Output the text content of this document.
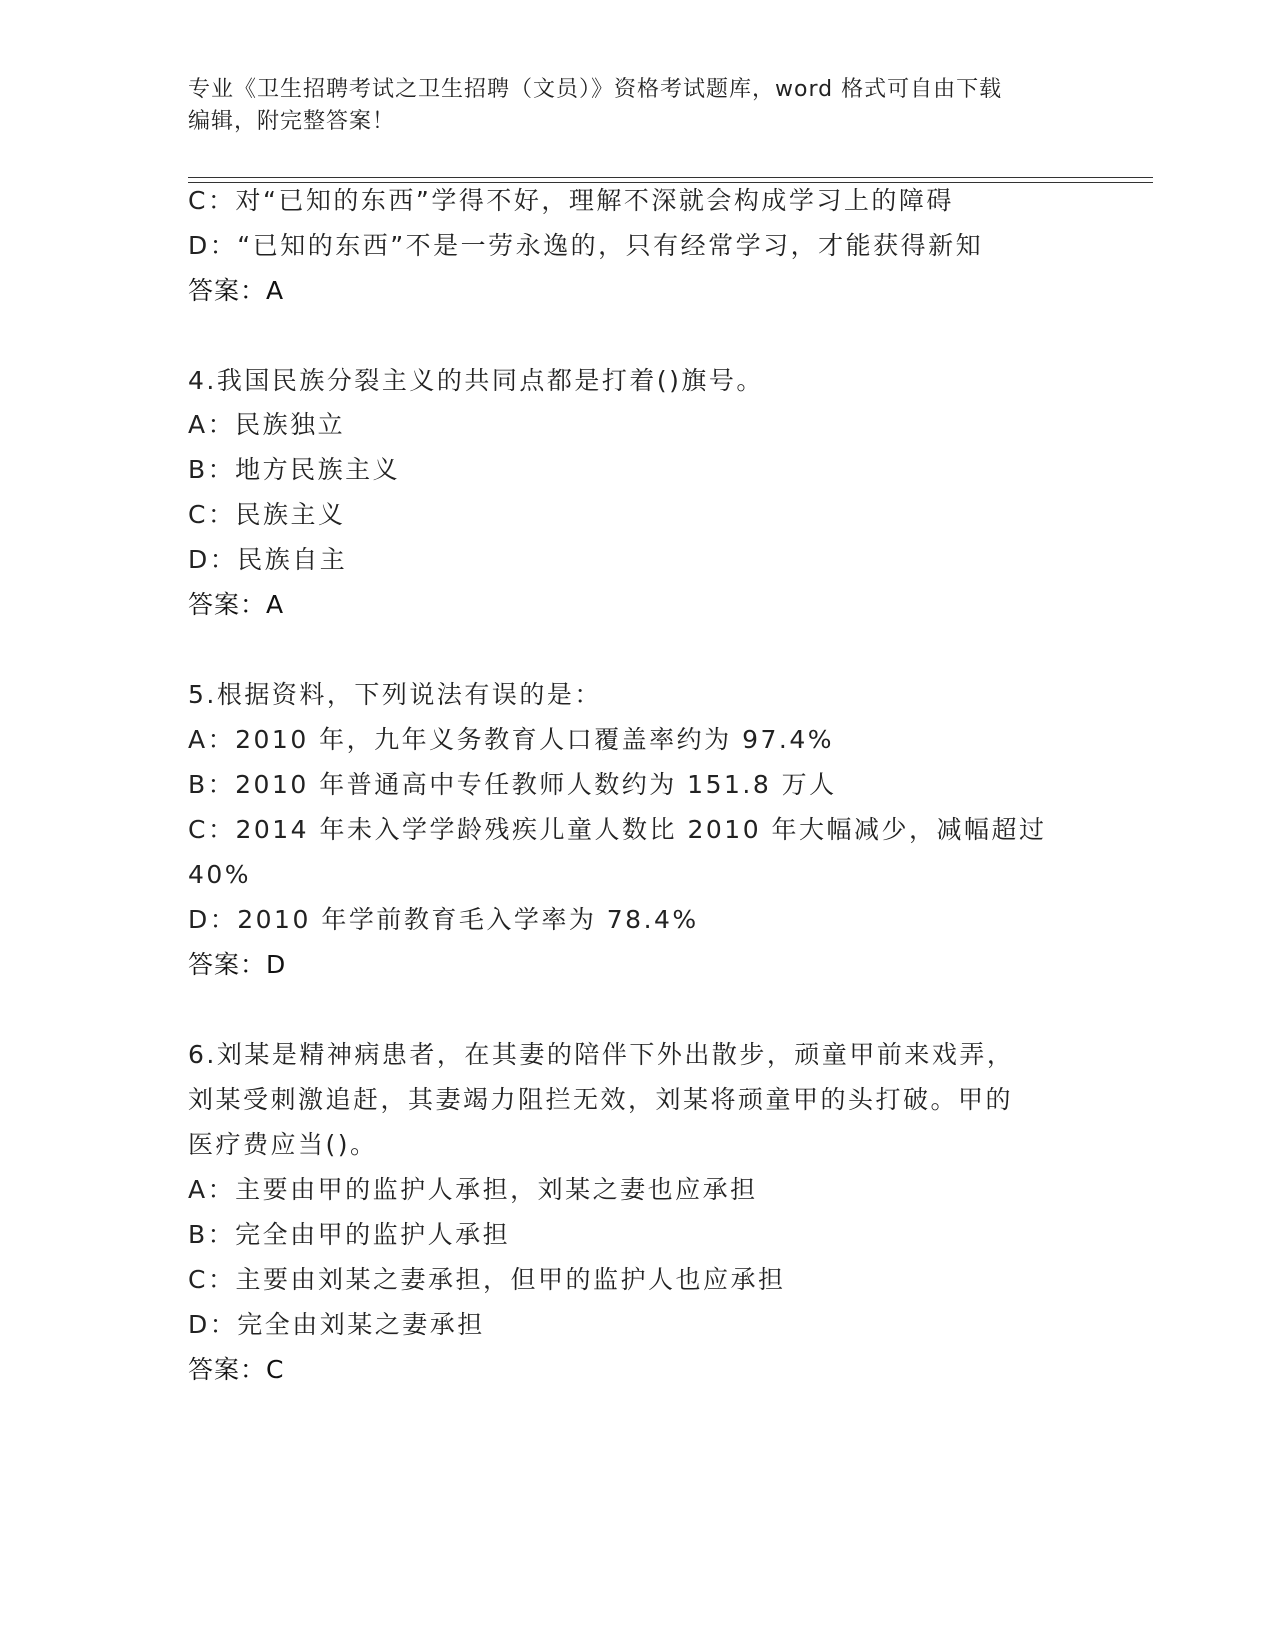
专业《卫生招聘考试之卫生招聘（文员）》资格考试题库，word 格式可自由下载
编辑，附完整答案！
C：对“已知的东西”学得不好，理解不深就会构成学习上的障碍
D：“已知的东西”不是一劳永逸的，只有经常学习，才能获得新知
答案：A
4.我国民族分裂主义的共同点都是打着()旗号。
A：民族独立
B：地方民族主义
C：民族主义
D：民族自主
答案：A
5.根据资料，下列说法有误的是：
A：2010 年，九年义务教育人口覆盖率约为 97.4%
B：2010 年普通高中专任教师人数约为 151.8 万人
C：2014 年未入学学龄残疾儿童人数比 2010 年大幅减少，减幅超过
40%
D：2010 年学前教育毛入学率为 78.4%
答案：D
6.刘某是精神病患者，在其妻的陪伴下外出散步，顽童甲前来戏弄，
刘某受刺激追赶，其妻竭力阻拦无效，刘某将顽童甲的头打破。甲的
医疗费应当()。
A：主要由甲的监护人承担，刘某之妻也应承担
B：完全由甲的监护人承担
C：主要由刘某之妻承担，但甲的监护人也应承担
D：完全由刘某之妻承担
答案：C
